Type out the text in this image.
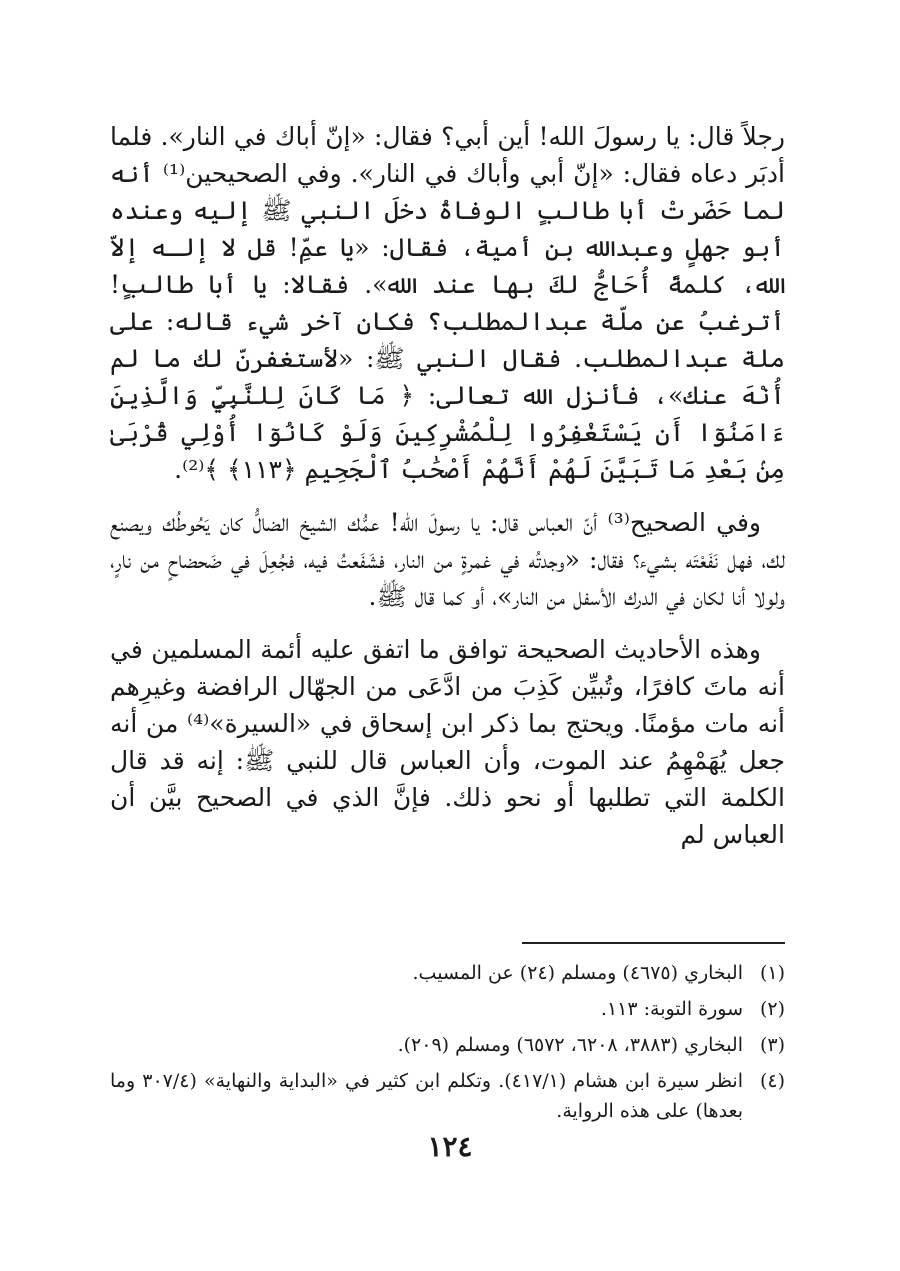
رجلاً قال: يا رسولَ الله! أين أبي؟ فقال: «إنّ أباك في النار». فلما أدبَر دعاه فقال: «إنّ أبي وأباك في النار». وفي الصحيحين⁽¹⁾ أنه لما حَضَرتْ أبا طالبٍ الوفاةُ دخلَ النبي ﷺ إليه وعنده أبو جهلٍ وعبدالله بن أمية، فقال: «يا عمِّ! قل لا إلـه إلاّ الله، كلمةً أُحَاجُّ لكَ بها عند الله». فقالا: يا أبا طالبٍ! أترغبُ عن ملّة عبدالمطلب؟ فكان آخر شيء قاله: على ملة عبدالمطلب. فقال النبي ﷺ: «لأستغفرنّ لك ما لم أُنْهَ عنك»، فأنزل الله تعالى: ﴿ مَا كَانَ لِلنَّبِيِّ وَالَّذِينَ ءَامَنُوٓا أَن يَسْتَغْفِرُوا لِلْمُشْرِكِينَ وَلَوْ كَانُوٓا أُوْلِي قُرْبَىٰ مِنۢ بَعْدِ مَا تَبَيَّنَ لَهُمْ أَنَّهُمْ أَصْحَٰبُ ٱلْجَحِيمِ ﴿١١٣﴾ ﴾⁽²⁾.

وفي الصحيح⁽³⁾ أنّ العباس قال: يا رسولَ الله! عمُّك الشيخ الضالُّ كان يَحُوطُك ويصنع لك، فهل نَفَعْتَه بشيء؟ فقال: «وجدتُه في غمرةٍ من النار، فشَفَعتُ فيه، فجُعِلَ في ضَحضاحٍ من نارٍ، ولولا أنا لكان في الدرك الأسفل من النار»، أو كما قال ﷺ.

وهذه الأحاديث الصحيحة توافق ما اتفق عليه أئمة المسلمين في أنه ماتَ كافرًا، وتُبيِّن كَذِبَ من ادَّعَى من الجهّال الرافضة وغيرِهم أنه مات مؤمنًا. ويحتج بما ذكر ابن إسحاق في «السيرة»⁽⁴⁾ من أنه جعل يُهَمْهِمُ عند الموت، وأن العباس قال للنبي ﷺ: إنه قد قال الكلمة التي تطلبها أو نحو ذلك. فإنَّ الذي في الصحيح بيَّن أن العباس لم

(١)
البخاري (٤٦٧٥) ومسلم (٢٤) عن المسيب.
(٢)
سورة التوبة: ١١٣.
(٣)
البخاري (٣٨٨٣، ٦٢٠٨، ٦٥٧٢) ومسلم (٢٠٩).
(٤)
انظر سيرة ابن هشام (٤١٧/١). وتكلم ابن كثير في «البداية والنهاية» (٣٠٧/٤ وما بعدها) على هذه الرواية.
١٢٤
